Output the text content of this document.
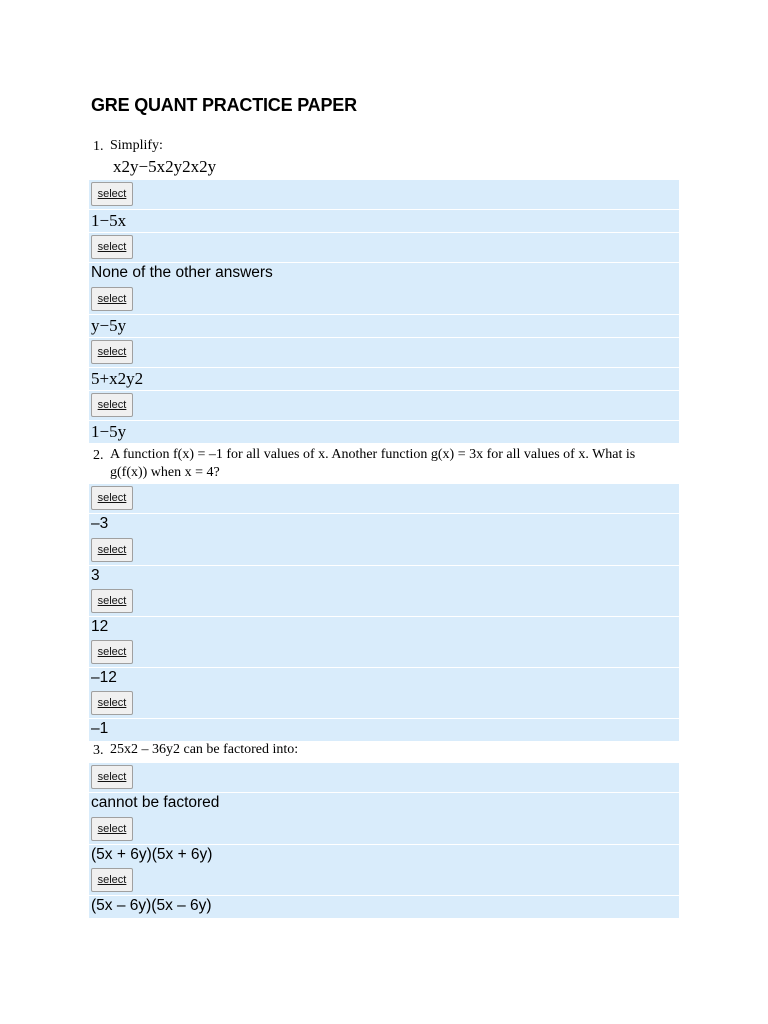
GRE QUANT PRACTICE PAPER
1. Simplify:
x2y−5x2y2x2y
select
1−5x
select
None of the other answers
select
y−5y
select
5+x2y2
select
1−5y
2. A function f(x) = –1 for all values of x. Another function g(x) = 3x for all values of x. What is g(f(x)) when x = 4?
select
–3
select
3
select
12
select
–12
select
–1
3. 25x2 – 36y2 can be factored into:
select
cannot be factored
select
(5x + 6y)(5x + 6y)
select
(5x – 6y)(5x – 6y)
